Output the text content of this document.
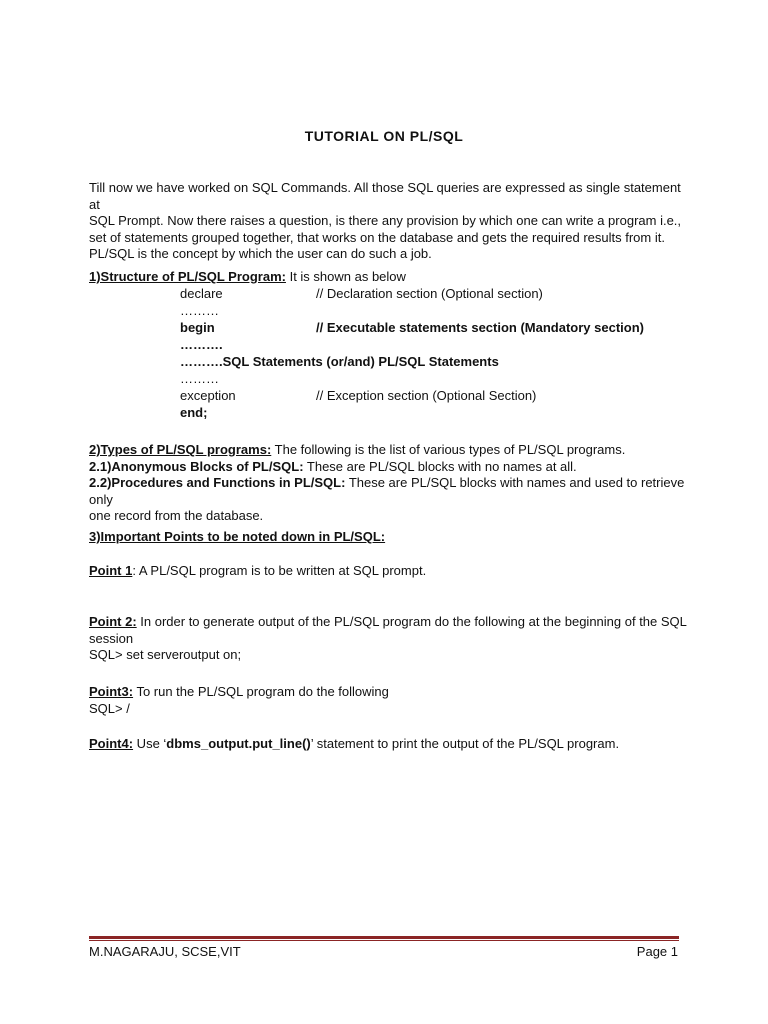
TUTORIAL ON PL/SQL
Till now we have worked on SQL Commands. All those SQL queries are expressed as single statement at
SQL Prompt. Now there raises a question, is there any provision by which one can write a program i.e.,
set of statements grouped together, that works on the database and gets the required results from it.
PL/SQL is the concept by which the user can do such a job.
1)Structure of PL/SQL Program: It is shown as below
declare	// Declaration section (Optional section)
………
begin	// Executable statements section (Mandatory section)
……….
……….SQL Statements (or/and) PL/SQL Statements
………
exception	// Exception section (Optional Section)
end;
2)Types of PL/SQL programs: The following is the list of various types of PL/SQL programs.
2.1)Anonymous Blocks of PL/SQL: These are PL/SQL blocks with no names at all.
2.2)Procedures and Functions in PL/SQL: These are PL/SQL blocks with names and used to retrieve only
one record from the database.
3)Important Points to be noted down in PL/SQL:
Point 1: A PL/SQL program is to be written at SQL prompt.
Point 2: In order to generate output of the PL/SQL program do the following at the beginning of the SQL
session
SQL> set serveroutput on;
Point3: To run the PL/SQL program do the following
SQL> /
Point4: Use ‘dbms_output.put_line()’ statement to print the output of the PL/SQL program.
M.NAGARAJU, SCSE,VIT	Page 1
